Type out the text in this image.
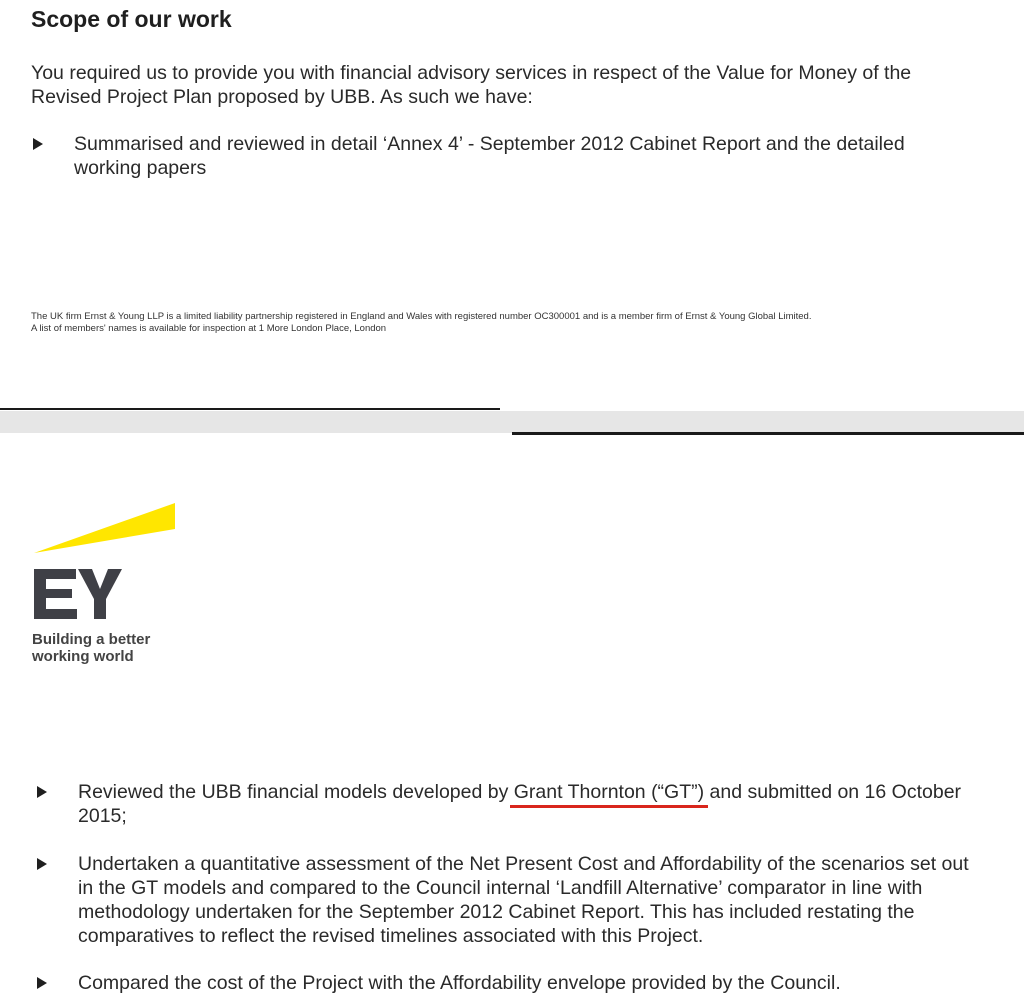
Scope of our work

You required us to provide you with financial advisory services in respect of the Value for Money of the Revised Project Plan proposed by UBB. As such we have:

Summarised and reviewed in detail ‘Annex 4’ - September 2012 Cabinet Report and the detailed working papers
The UK firm Ernst & Young LLP is a limited liability partnership registered in England and Wales with registered number OC300001 and is a member firm of Ernst & Young Global Limited.
A list of members' names is available for inspection at 1 More London Place, London
Building a better
working world
Reviewed the UBB financial models developed by Grant Thornton (“GT”) and submitted on 16 October 2015;
Undertaken a quantitative assessment of the Net Present Cost and Affordability of the scenarios set out in the GT models and compared to the Council internal ‘Landfill Alternative’ comparator in line with methodology undertaken for the September 2012 Cabinet Report. This has included restating the comparatives to reflect the revised timelines associated with this Project.
Compared the cost of the Project with the Affordability envelope provided by the Council.
